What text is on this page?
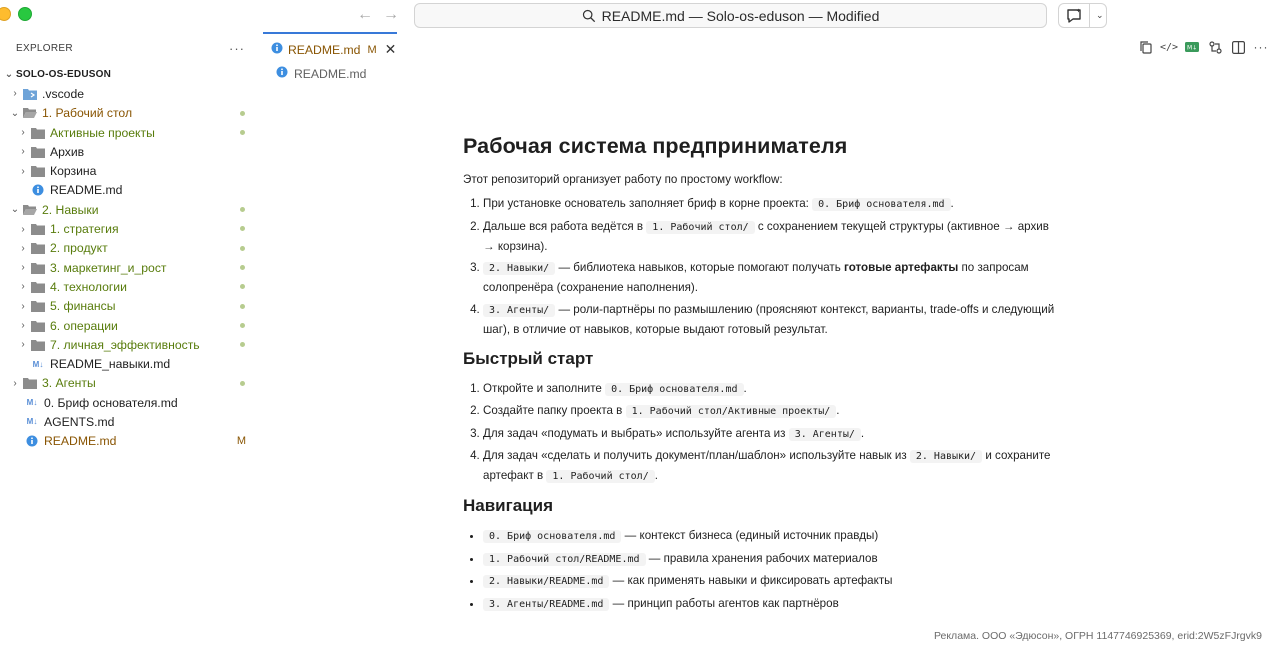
← →	README.md — Solo-os-eduson — Modified	⌄
EXPLORER	···
⌄ SOLO-OS-EDUSON
›	.vscode
⌄ 1. Рабочий стол
›	Активные проекты
›	Архив
›	Корзина
README.md
⌄ 2. Навыки
›	1. стратегия
›	2. продукт
›	3. маркетинг_и_рост
›	4. технологии
›	5. финансы
›	6. операции
›	7. личная_эффективность
M↓ README_навыки.md
›	3. Агенты
M↓ 0. Бриф основателя.md
M↓ AGENTS.md
README.md	M
README.md M ✕	</> M↓	···
README.md
Рабочая система предпринимателя

Этот репозиторий организует работу по простому workflow:

1. При установке основатель заполняет бриф в корне проекта: 0. Бриф основателя.md .
2. Дальше вся работа ведётся в 1. Рабочий стол/ с сохранением текущей структуры (активное → архив → корзина).
3. 2. Навыки/ — библиотека навыков, которые помогают получать готовые артефакты по запросам солопренёра (сохранение наполнения).
4. 3. Агенты/ — роли-партнёры по размышлению (проясняют контекст, варианты, trade-offs и следующий шаг), в отличие от навыков, которые выдают готовый результат.
Быстрый старт
1. Откройте и заполните 0. Бриф основателя.md .
2. Создайте папку проекта в 1. Рабочий стол/Активные проекты/ .
3. Для задач «подумать и выбрать» используйте агента из 3. Агенты/ .
4. Для задач «сделать и получить документ/план/шаблон» используйте навык из 2. Навыки/ и сохраните артефакт в 1. Рабочий стол/ .
Навигация
• 0. Бриф основателя.md — контекст бизнеса (единый источник правды)
• 1. Рабочий стол/README.md — правила хранения рабочих материалов
• 2. Навыки/README.md — как применять навыки и фиксировать артефакты
• 3. Агенты/README.md — принцип работы агентов как партнёров
Реклама. ООО «Эдюсон», ОГРН 1147746925369, erid:2W5zFJrgvk9
